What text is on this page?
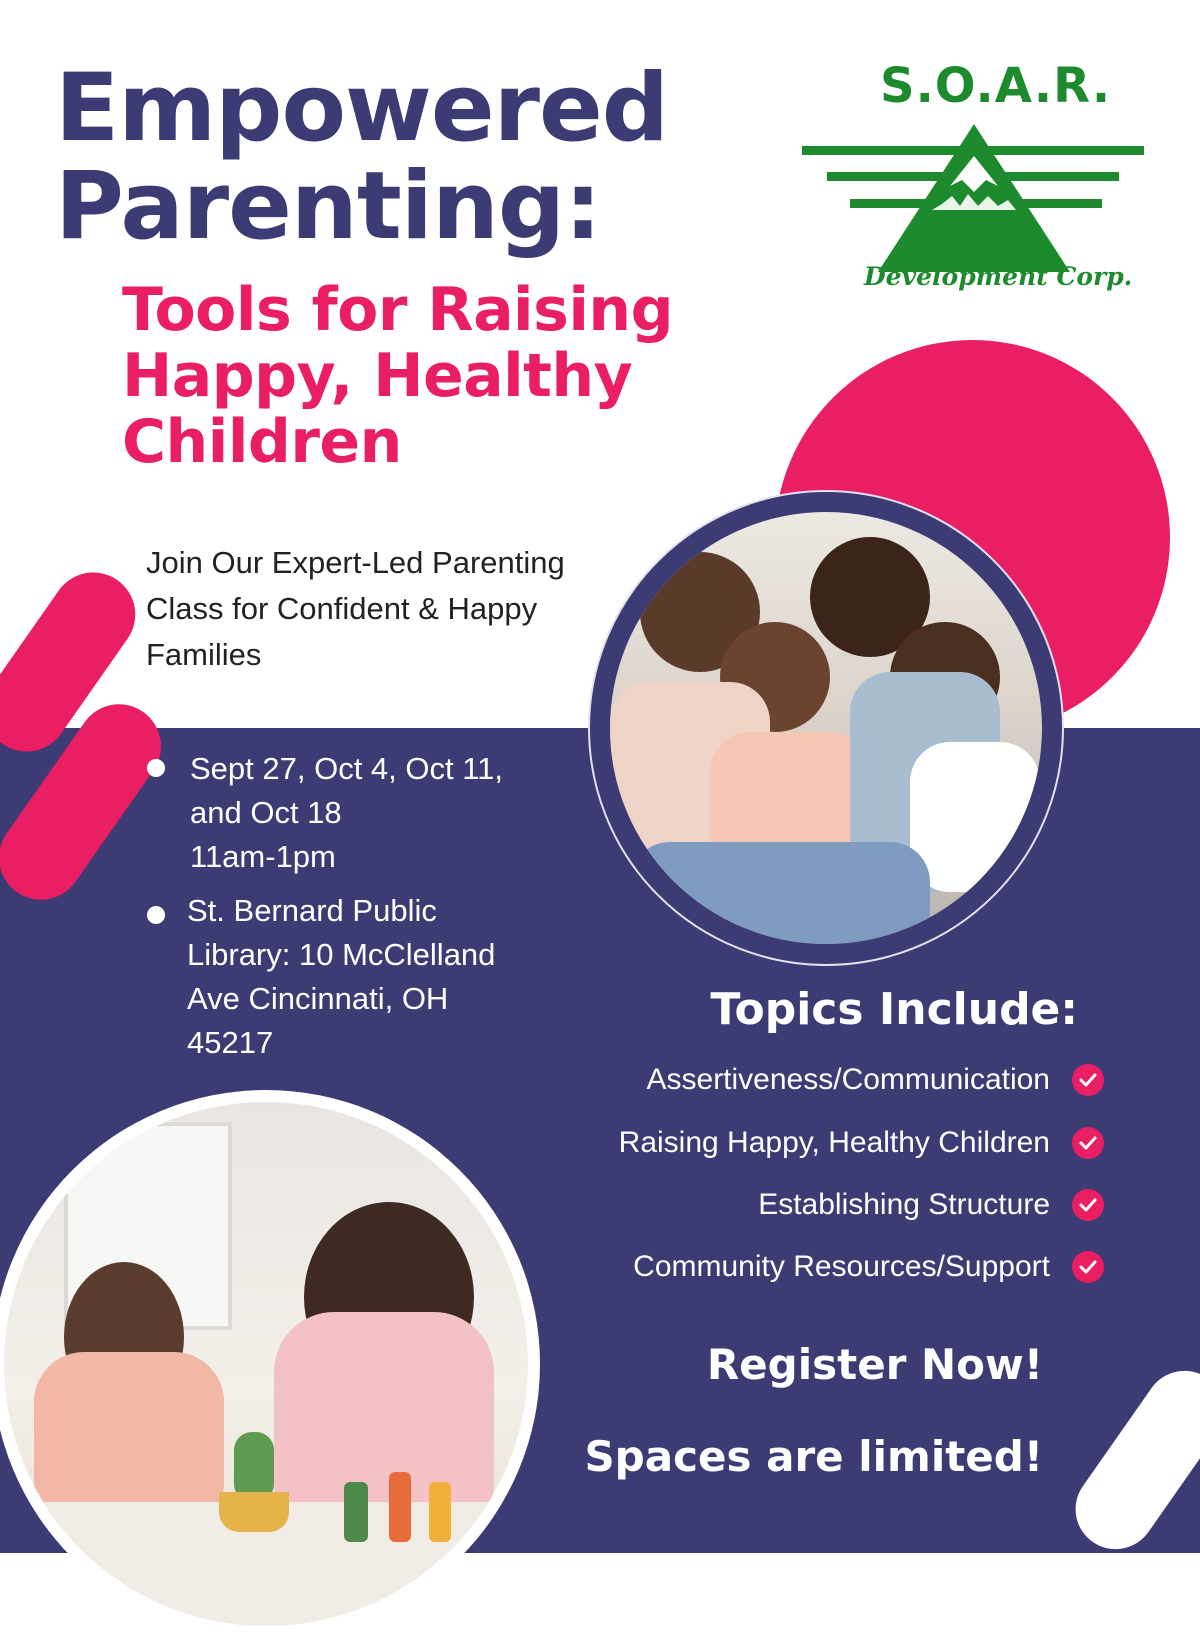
Empowered
Parenting:
Tools for Raising
Happy, Healthy
Children

S.O.A.R.

Development Corp.

Join Our Expert-Led Parenting Class for Confident & Happy Families

Sept 27, Oct 4, Oct 11,
and Oct 18
11am-1pm

St. Bernard Public
Library: 10 McClelland
Ave Cincinnati, OH
45217

Topics Include:
Assertiveness/Communication
Raising Happy, Healthy Children
Establishing Structure
Community Resources/Support

Register Now!

Spaces are limited!
